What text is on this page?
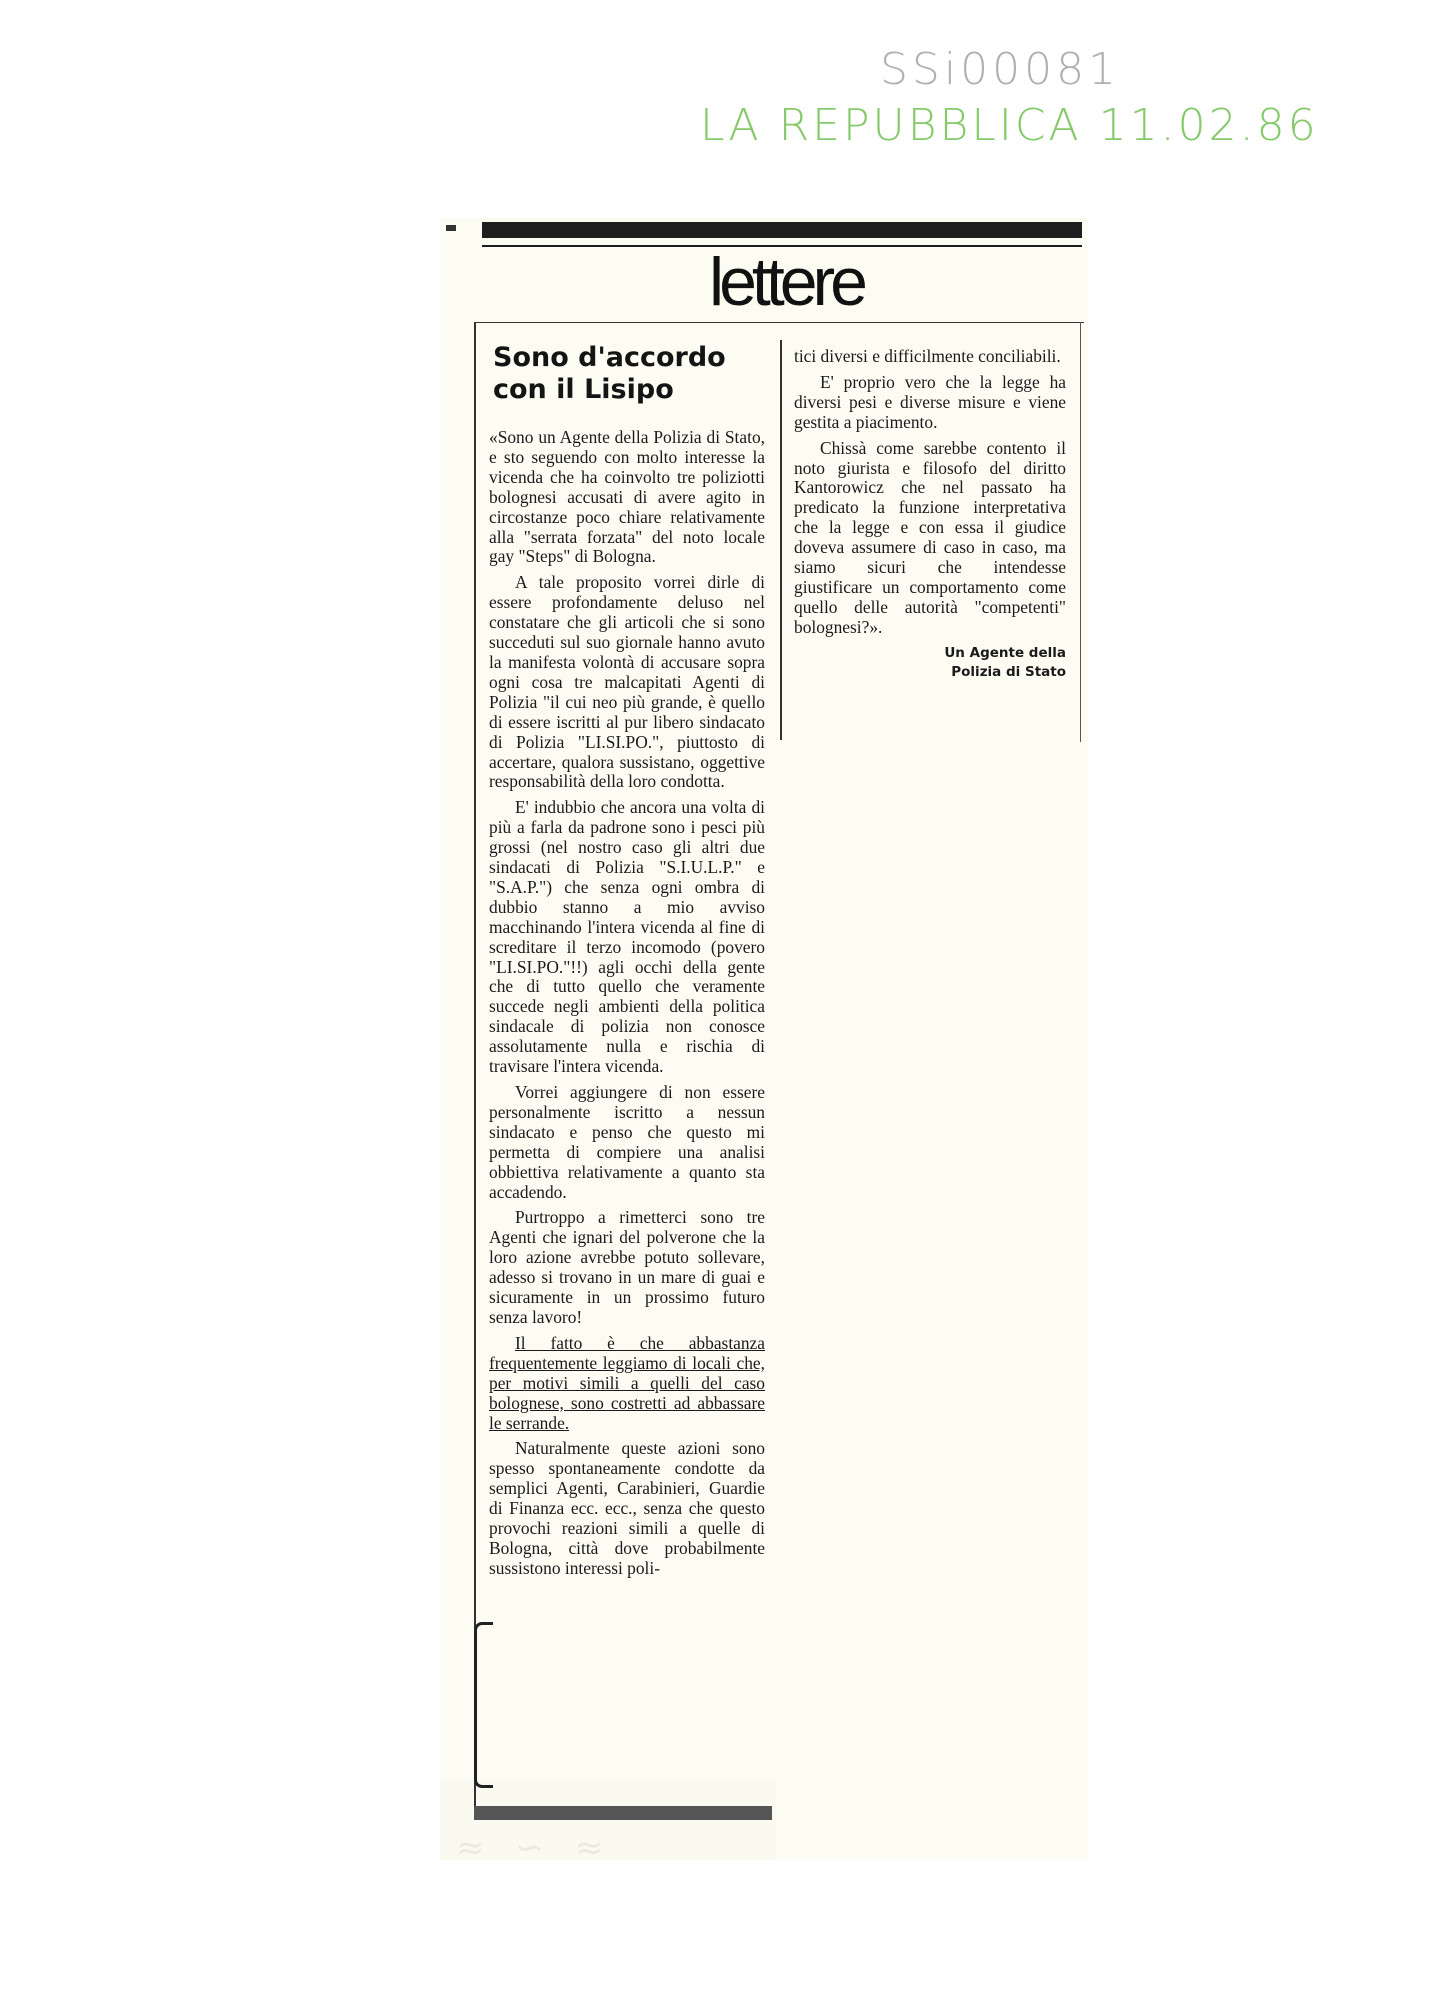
SSi00081
LA REPUBBLICA 11.02.86
≈ ∽ ≈
lettere
Sono d'accordo con il Lisipo

«Sono un Agente della Polizia di Stato, e sto seguendo con molto interesse la vicenda che ha coinvolto tre poliziotti bolognesi accusati di avere agito in circostanze poco chiare relativamente alla "serrata forzata" del noto locale gay "Steps" di Bologna.

A tale proposito vorrei dirle di essere profondamente deluso nel constatare che gli articoli che si sono succeduti sul suo giornale hanno avuto la manifesta volontà di accusare sopra ogni cosa tre malcapitati Agenti di Polizia "il cui neo più grande, è quello di essere iscritti al pur libero sindacato di Polizia "LI.SI.PO.", piuttosto di accertare, qualora sussistano, oggettive responsabilità della loro condotta.

E' indubbio che ancora una volta di più a farla da padrone sono i pesci più grossi (nel nostro caso gli altri due sindacati di Polizia "S.I.U.L.P." e "S.A.P.") che senza ogni ombra di dubbio stanno a mio avviso macchinando l'intera vicenda al fine di screditare il terzo incomodo (povero "LI.SI.PO."!!) agli occhi della gente che di tutto quello che veramente succede negli ambienti della politica sindacale di polizia non conosce assolutamente nulla e rischia di travisare l'intera vicenda.

Vorrei aggiungere di non essere personalmente iscritto a nessun sindacato e penso che questo mi permetta di compiere una analisi obbiettiva relativamente a quanto sta accadendo.

Purtroppo a rimetterci sono tre Agenti che ignari del polverone che la loro azione avrebbe potuto sollevare, adesso si trovano in un mare di guai e sicuramente in un prossimo futuro senza lavoro!

Il fatto è che abbastanza frequentemente leggiamo di locali che, per motivi simili a quelli del caso bolognese, sono costretti ad abbassare le serrande.

Naturalmente queste azioni sono spesso spontaneamente condotte da semplici Agenti, Carabinieri, Guardie di Finanza ecc. ecc., senza che questo provochi reazioni simili a quelle di Bologna, città dove probabilmente sussistono interessi poli-

tici diversi e difficilmente conciliabili.

E' proprio vero che la legge ha diversi pesi e diverse misure e viene gestita a piacimento.

Chissà come sarebbe contento il noto giurista e filosofo del diritto Kantorowicz che nel passato ha predicato la funzione interpretativa che la legge e con essa il giudice doveva assumere di caso in caso, ma siamo sicuri che intendesse giustificare un comportamento come quello delle autorità "competenti" bolognesi?».

Un Agente della
Polizia di Stato
